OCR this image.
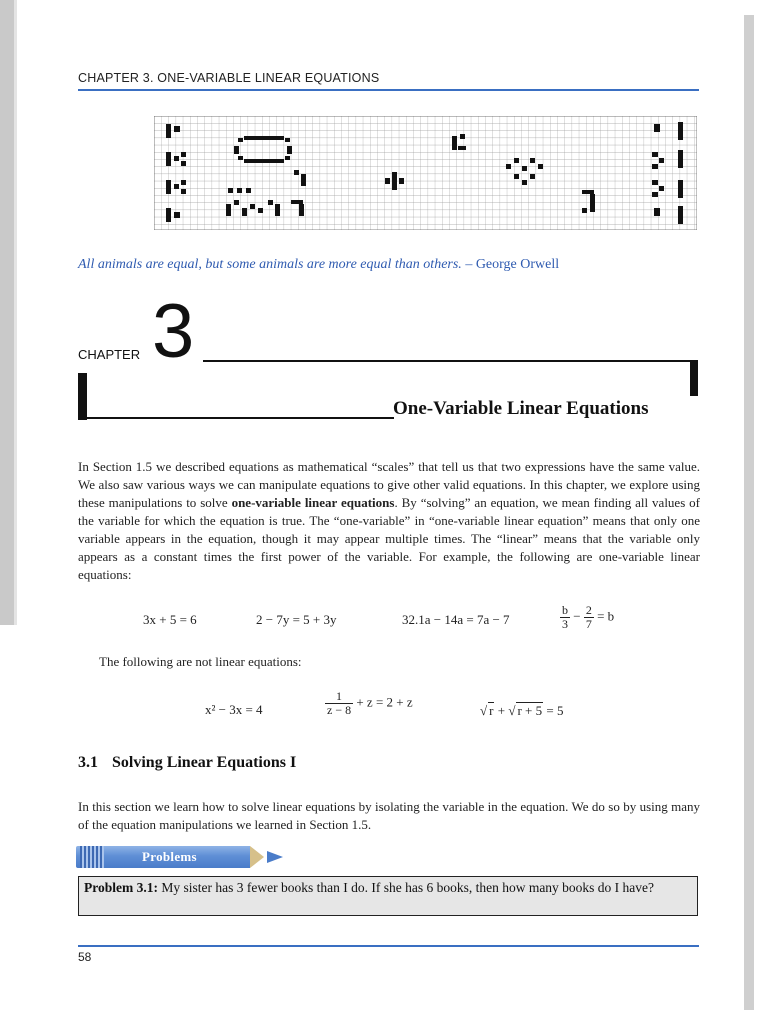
CHAPTER 3. ONE-VARIABLE LINEAR EQUATIONS
All animals are equal, but some animals are more equal than others. – George Orwell
CHAPTER 3
One-Variable Linear Equations
In Section 1.5 we described equations as mathematical “scales” that tell us that two expressions have the same value. We also saw various ways we can manipulate equations to give other valid equations. In this chapter, we explore using these manipulations to solve one-variable linear equations. By “solving” an equation, we mean finding all values of the variable for which the equation is true. The “one-variable” in “one-variable linear equation” means that only one variable appears in the equation, though it may appear multiple times. The “linear” means that the variable only appears as a constant times the first power of the variable. For example, the following are one-variable linear equations:
3x + 5 = 6	2 − 7y = 5 + 3y	32.1a − 14a = 7a − 7	$\frac{b}{3} - \frac{2}{7} = b$
The following are not linear equations:
x² − 3x = 4	$\frac{1}{z - 8} + z = 2 + z$
√ r + √ r + 5 = 5
3.1 Solving Linear Equations I
In this section we learn how to solve linear equations by isolating the variable in the equation. We do so by using many of the equation manipulations we learned in Section 1.5.
Problems
Problem 3.1: My sister has 3 fewer books than I do. If she has 6 books, then how many books do I have?
58
